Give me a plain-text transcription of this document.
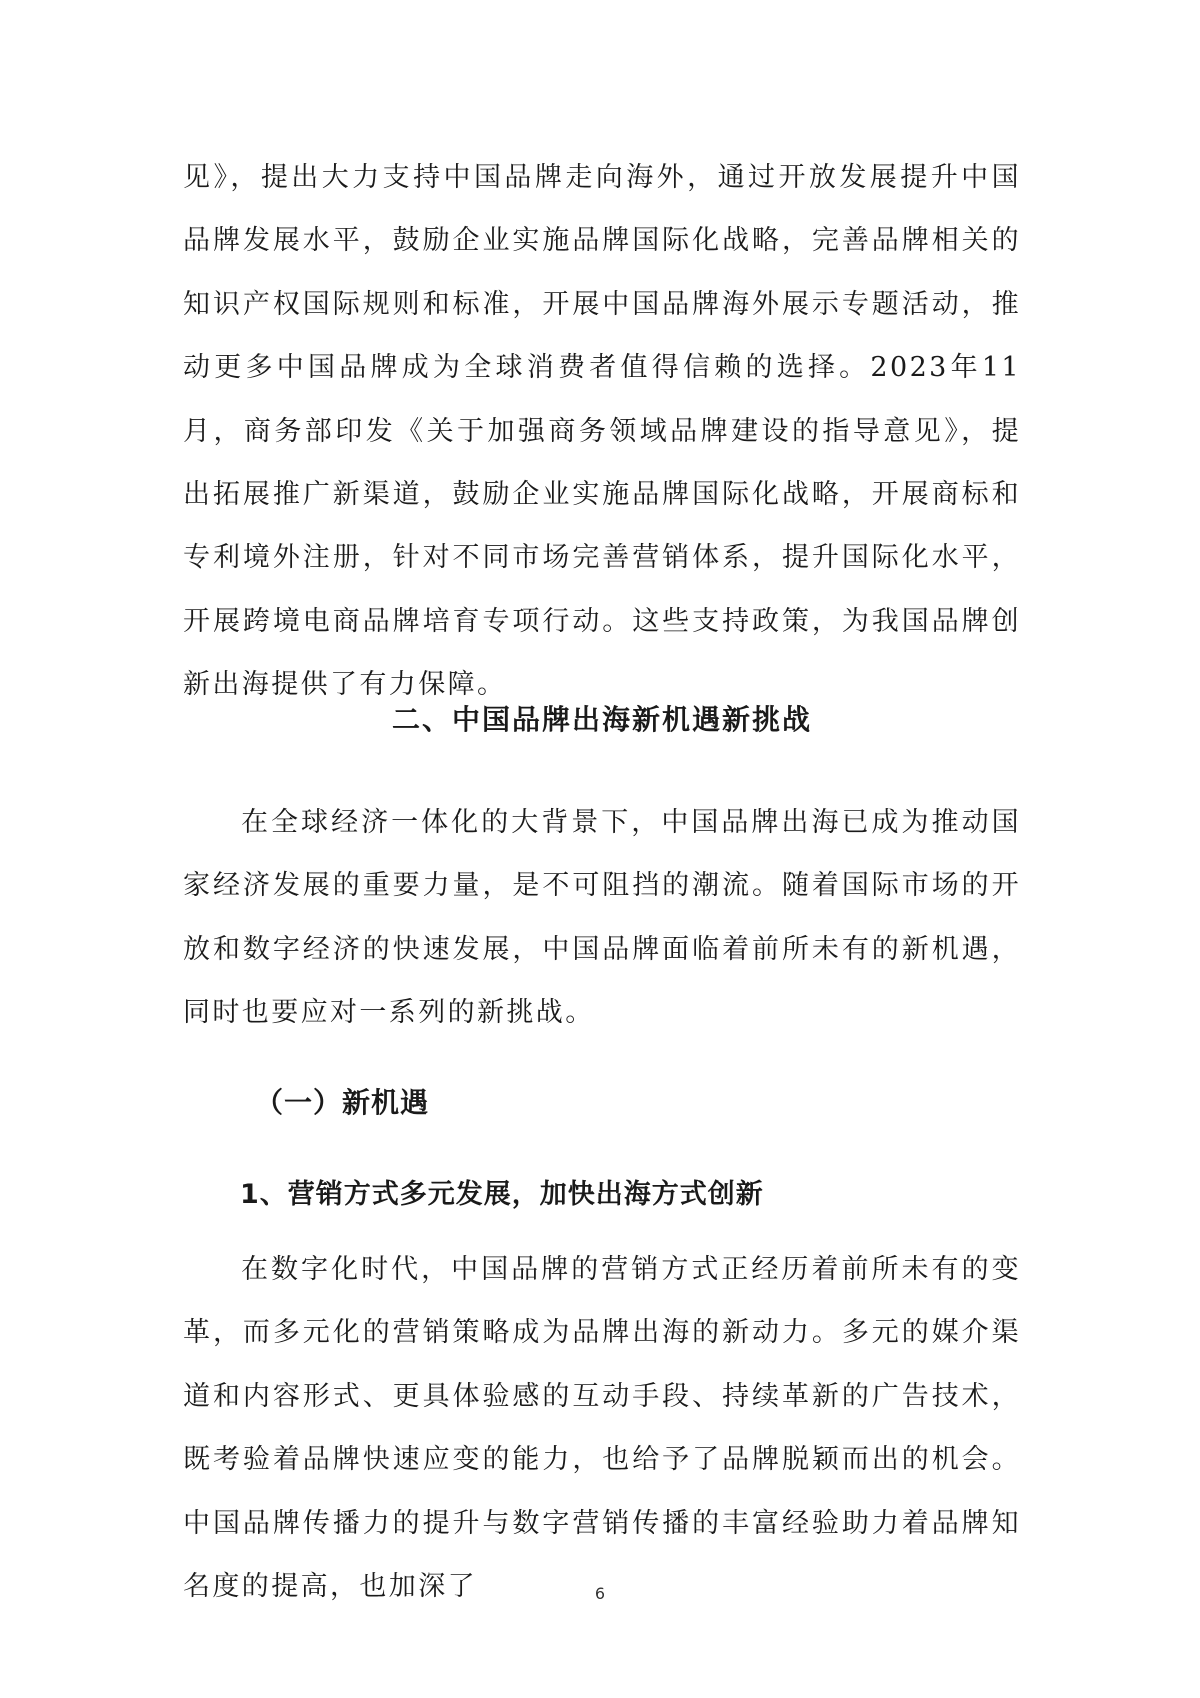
见》，提出大力支持中国品牌走向海外，通过开放发展提升中国品牌发展水平，鼓励企业实施品牌国际化战略，完善品牌相关的知识产权国际规则和标准，开展中国品牌海外展示专题活动，推动更多中国品牌成为全球消费者值得信赖的选择。2023年11月，商务部印发《关于加强商务领域品牌建设的指导意见》，提出拓展推广新渠道，鼓励企业实施品牌国际化战略，开展商标和专利境外注册，针对不同市场完善营销体系，提升国际化水平，开展跨境电商品牌培育专项行动。这些支持政策，为我国品牌创新出海提供了有力保障。

二、中国品牌出海新机遇新挑战

在全球经济一体化的大背景下，中国品牌出海已成为推动国家经济发展的重要力量，是不可阻挡的潮流。随着国际市场的开放和数字经济的快速发展，中国品牌面临着前所未有的新机遇，同时也要应对一系列的新挑战。

（一）新机遇
1、营销方式多元发展，加快出海方式创新

在数字化时代，中国品牌的营销方式正经历着前所未有的变革，而多元化的营销策略成为品牌出海的新动力。多元的媒介渠道和内容形式、更具体验感的互动手段、持续革新的广告技术，既考验着品牌快速应变的能力，也给予了品牌脱颖而出的机会。中国品牌传播力的提升与数字营销传播的丰富经验助力着品牌知名度的提高，也加深了	6
